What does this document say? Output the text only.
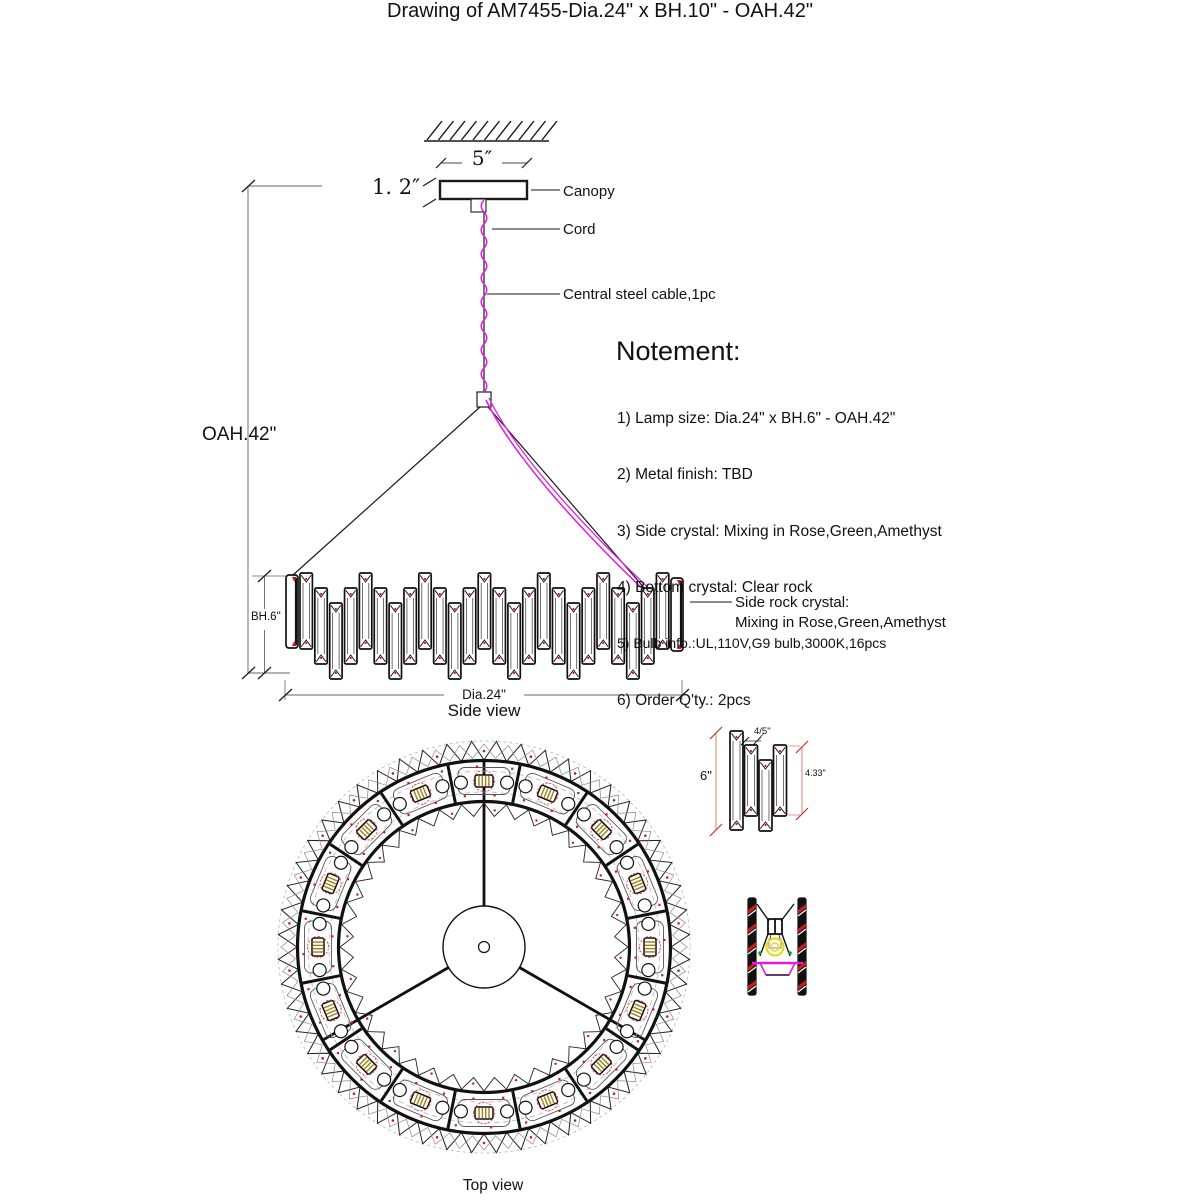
Drawing of AM7455-Dia.24" x BH.10" - OAH.42"
5″
1. 2″	Canopy
Cord
Central steel cable,1pc
OAH.42"
BH.6"
Dia.24"
Side view
Top view
Notement:

1) Lamp size: Dia.24" x BH.6" - OAH.42"

2) Metal finish: TBD

3) Side crystal: Mixing in Rose,Green,Amethyst

4) Bottom crystal: Clear rock

5) Bulb info.:UL,110V,G9 bulb,3000K,16pcs

6) Order Q'ty.: 2pcs

Side rock crystal:
Mixing in Rose,Green,Amethyst
4/5"
6"	4.33"
